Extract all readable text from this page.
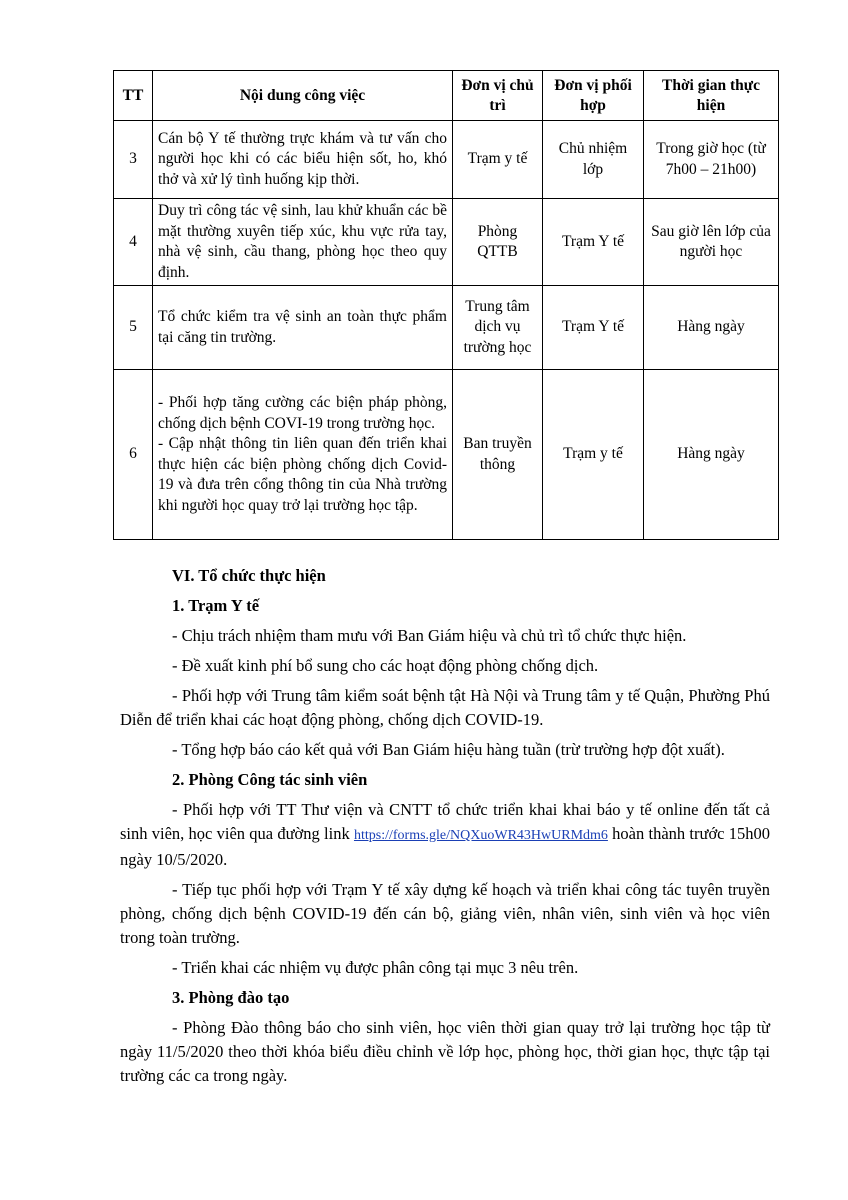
TT	Nội dung công việc	Đơn vị chủ trì	Đơn vị phối hợp	Thời gian thực hiện
3	Cán bộ Y tế thường trực khám và tư vấn cho người học khi có các biểu hiện sốt, ho, khó thở và xử lý tình huống kịp thời.	Trạm y tế	Chủ nhiệm lớp	Trong giờ học (từ 7h00 – 21h00)
4	Duy trì công tác vệ sinh, lau khử khuẩn các bề mặt thường xuyên tiếp xúc, khu vực rửa tay, nhà vệ sinh, cầu thang, phòng học theo quy định.	Phòng QTTB	Trạm Y tế	Sau giờ lên lớp của người học
5	Tổ chức kiểm tra vệ sinh an toàn thực phẩm tại căng tin trường.	Trung tâm dịch vụ trường học	Trạm Y tế	Hàng ngày
6	- Phối hợp tăng cường các biện pháp phòng, chống dịch bệnh COVI-19 trong trường học.
- Cập nhật thông tin liên quan đến triển khai thực hiện các biện phòng chống dịch Covid-19 và đưa trên cổng thông tin của Nhà trường khi người học quay trở lại trường học tập.	Ban truyền thông	Trạm y tế	Hàng ngày
VI. Tổ chức thực hiện
1. Trạm Y tế

- Chịu trách nhiệm tham mưu với Ban Giám hiệu và chủ trì tổ chức thực hiện.

- Đề xuất kinh phí bổ sung cho các hoạt động phòng chống dịch.

- Phối hợp với Trung tâm kiểm soát bệnh tật Hà Nội và Trung tâm y tế Quận, Phường Phú Diễn để triển khai các hoạt động phòng, chống dịch COVID-19.

- Tổng hợp báo cáo kết quả với Ban Giám hiệu hàng tuần (trừ trường hợp đột xuất).

2. Phòng Công tác sinh viên

- Phối hợp với TT Thư viện và CNTT tổ chức triển khai khai báo y tế online đến tất cả sinh viên, học viên qua đường link https://forms.gle/NQXuoWR43HwURMdm6 hoàn thành trước 15h00 ngày 10/5/2020.

- Tiếp tục phối hợp với Trạm Y tế xây dựng kế hoạch và triển khai công tác tuyên truyền phòng, chống dịch bệnh COVID-19 đến cán bộ, giảng viên, nhân viên, sinh viên và học viên trong toàn trường.

- Triển khai các nhiệm vụ được phân công tại mục 3 nêu trên.

3. Phòng đào tạo

- Phòng Đào thông báo cho sinh viên, học viên thời gian quay trở lại trường học tập từ ngày 11/5/2020 theo thời khóa biểu điều chỉnh về lớp học, phòng học, thời gian học, thực tập tại trường các ca trong ngày.
